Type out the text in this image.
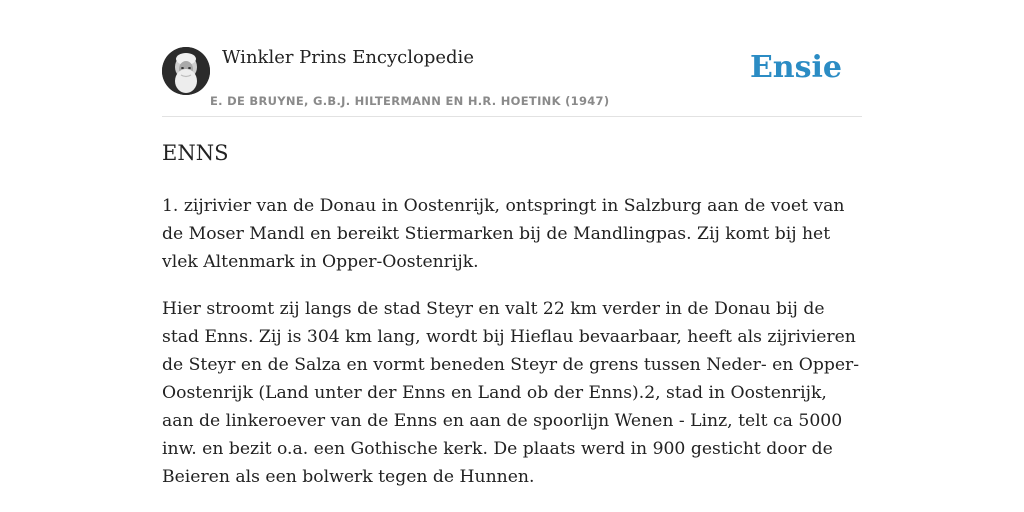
Winkler Prins Encyclopedie
E. DE BRUYNE, G.B.J. HILTERMANN EN H.R. HOETINK (1947)
Ensie
ENNS

1. zijrivier van de Donau in Oostenrijk, ontspringt in Salzburg aan de voet van de Moser Mandl en bereikt Stiermarken bij de Mandlingpas. Zij komt bij het vlek Altenmark in Opper-Oostenrijk.

Hier stroomt zij langs de stad Steyr en valt 22 km verder in de Donau bij de stad Enns. Zij is 304 km lang, wordt bij Hieflau bevaarbaar, heeft als zijrivieren de Steyr en de Salza en vormt beneden Steyr de grens tussen Neder- en Opper-Oostenrijk (Land unter der Enns en Land ob der Enns).2, stad in Oostenrijk, aan de linkeroever van de Enns en aan de spoorlijn Wenen - Linz, telt ca 5000 inw. en bezit o.a. een Gothische kerk. De plaats werd in 900 gesticht door de Beieren als een bolwerk tegen de Hunnen.
